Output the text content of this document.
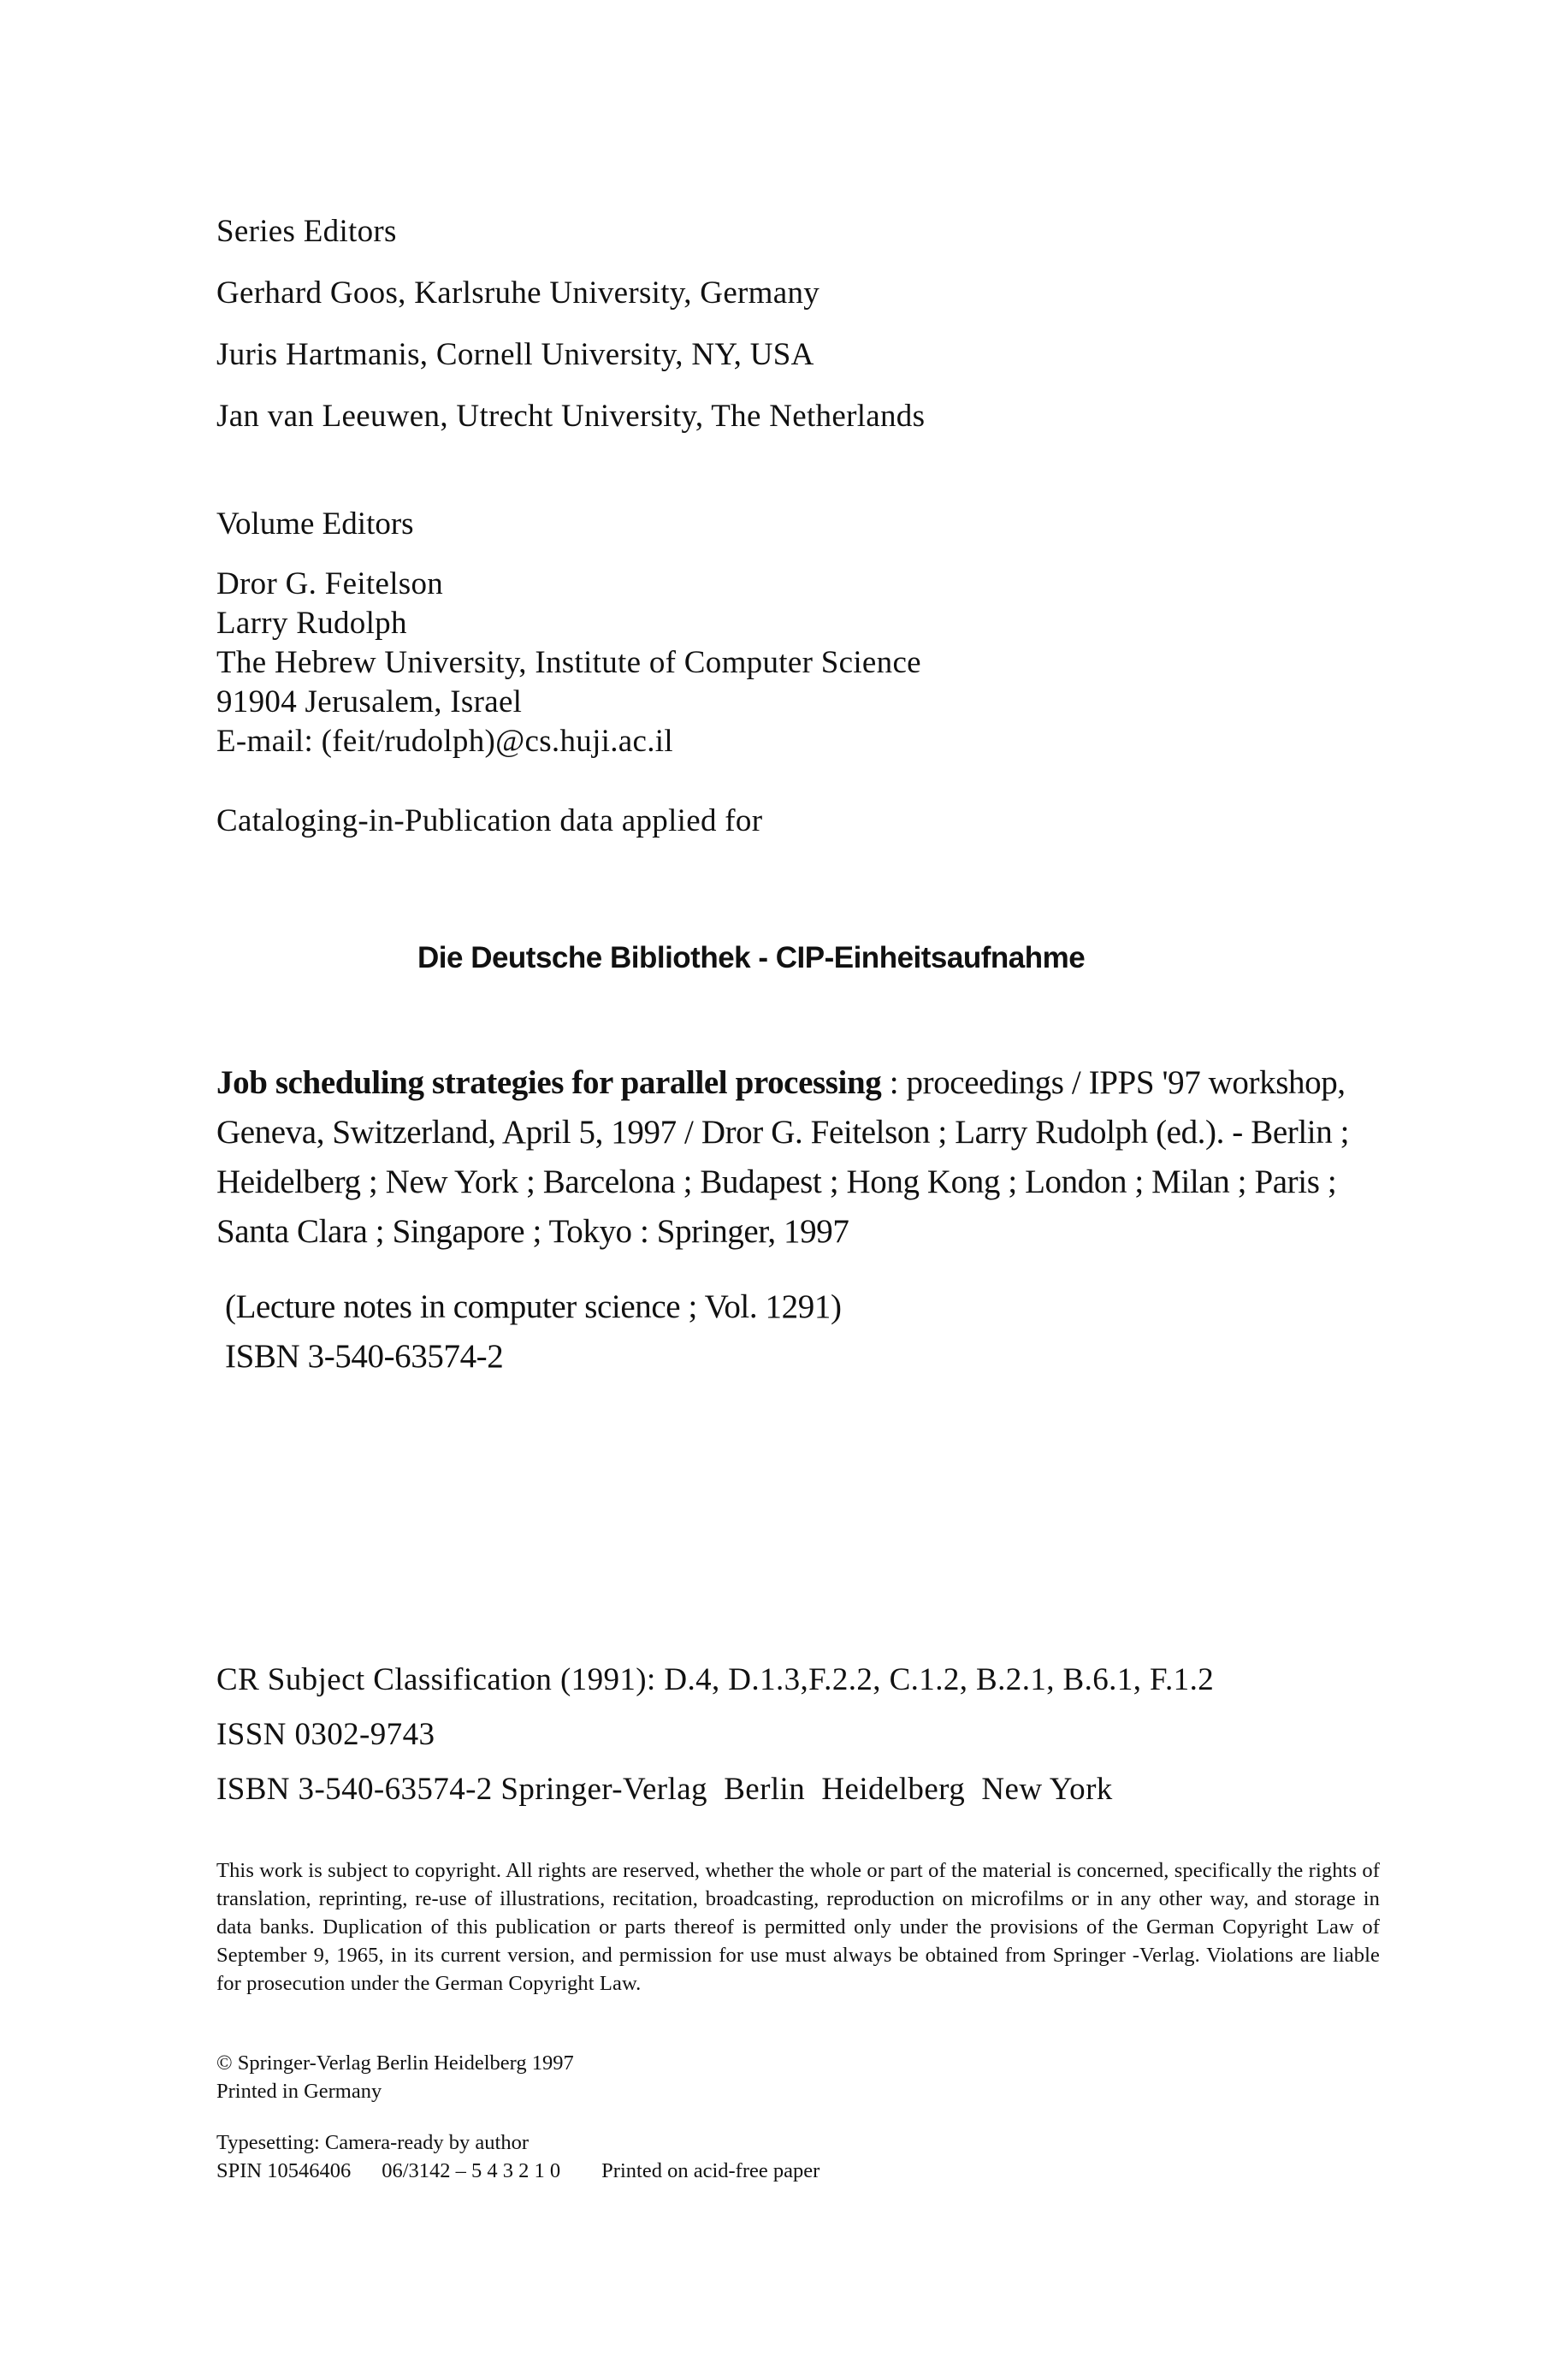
Series Editors
Gerhard Goos, Karlsruhe University, Germany
Juris Hartmanis, Cornell University, NY, USA
Jan van Leeuwen, Utrecht University, The Netherlands
Volume Editors
Dror G. Feitelson
Larry Rudolph
The Hebrew University, Institute of Computer Science
91904 Jerusalem, Israel
E-mail: (feit/rudolph)@cs.huji.ac.il
Cataloging-in-Publication data applied for
Die Deutsche Bibliothek - CIP-Einheitsaufnahme
Job scheduling strategies for parallel processing : proceedings / IPPS '97 workshop, Geneva, Switzerland, April 5, 1997 / Dror G. Feitelson ; Larry Rudolph (ed.). - Berlin ; Heidelberg ; New York ; Barcelona ; Budapest ; Hong Kong ; London ; Milan ; Paris ; Santa Clara ; Singapore ; Tokyo : Springer, 1997
(Lecture notes in computer science ; Vol. 1291)
ISBN 3-540-63574-2
CR Subject Classification (1991): D.4, D.1.3,F.2.2, C.1.2, B.2.1, B.6.1, F.1.2
ISSN 0302-9743
ISBN 3-540-63574-2 Springer-Verlag  Berlin  Heidelberg  New York
This work is subject to copyright. All rights are reserved, whether the whole or part of the material is concerned, specifically the rights of translation, reprinting, re-use of illustrations, recitation, broadcasting, reproduction on microfilms or in any other way, and storage in data banks. Duplication of this publication or parts thereof is permitted only under the provisions of the German Copyright Law of September 9, 1965, in its current version, and permission for use must always be obtained from Springer -Verlag. Violations are liable for prosecution under the German Copyright Law.
© Springer-Verlag Berlin Heidelberg 1997
Printed in Germany
Typesetting: Camera-ready by author
SPIN 10546406 06/3142 – 5 4 3 2 1 0 Printed on acid-free paper
